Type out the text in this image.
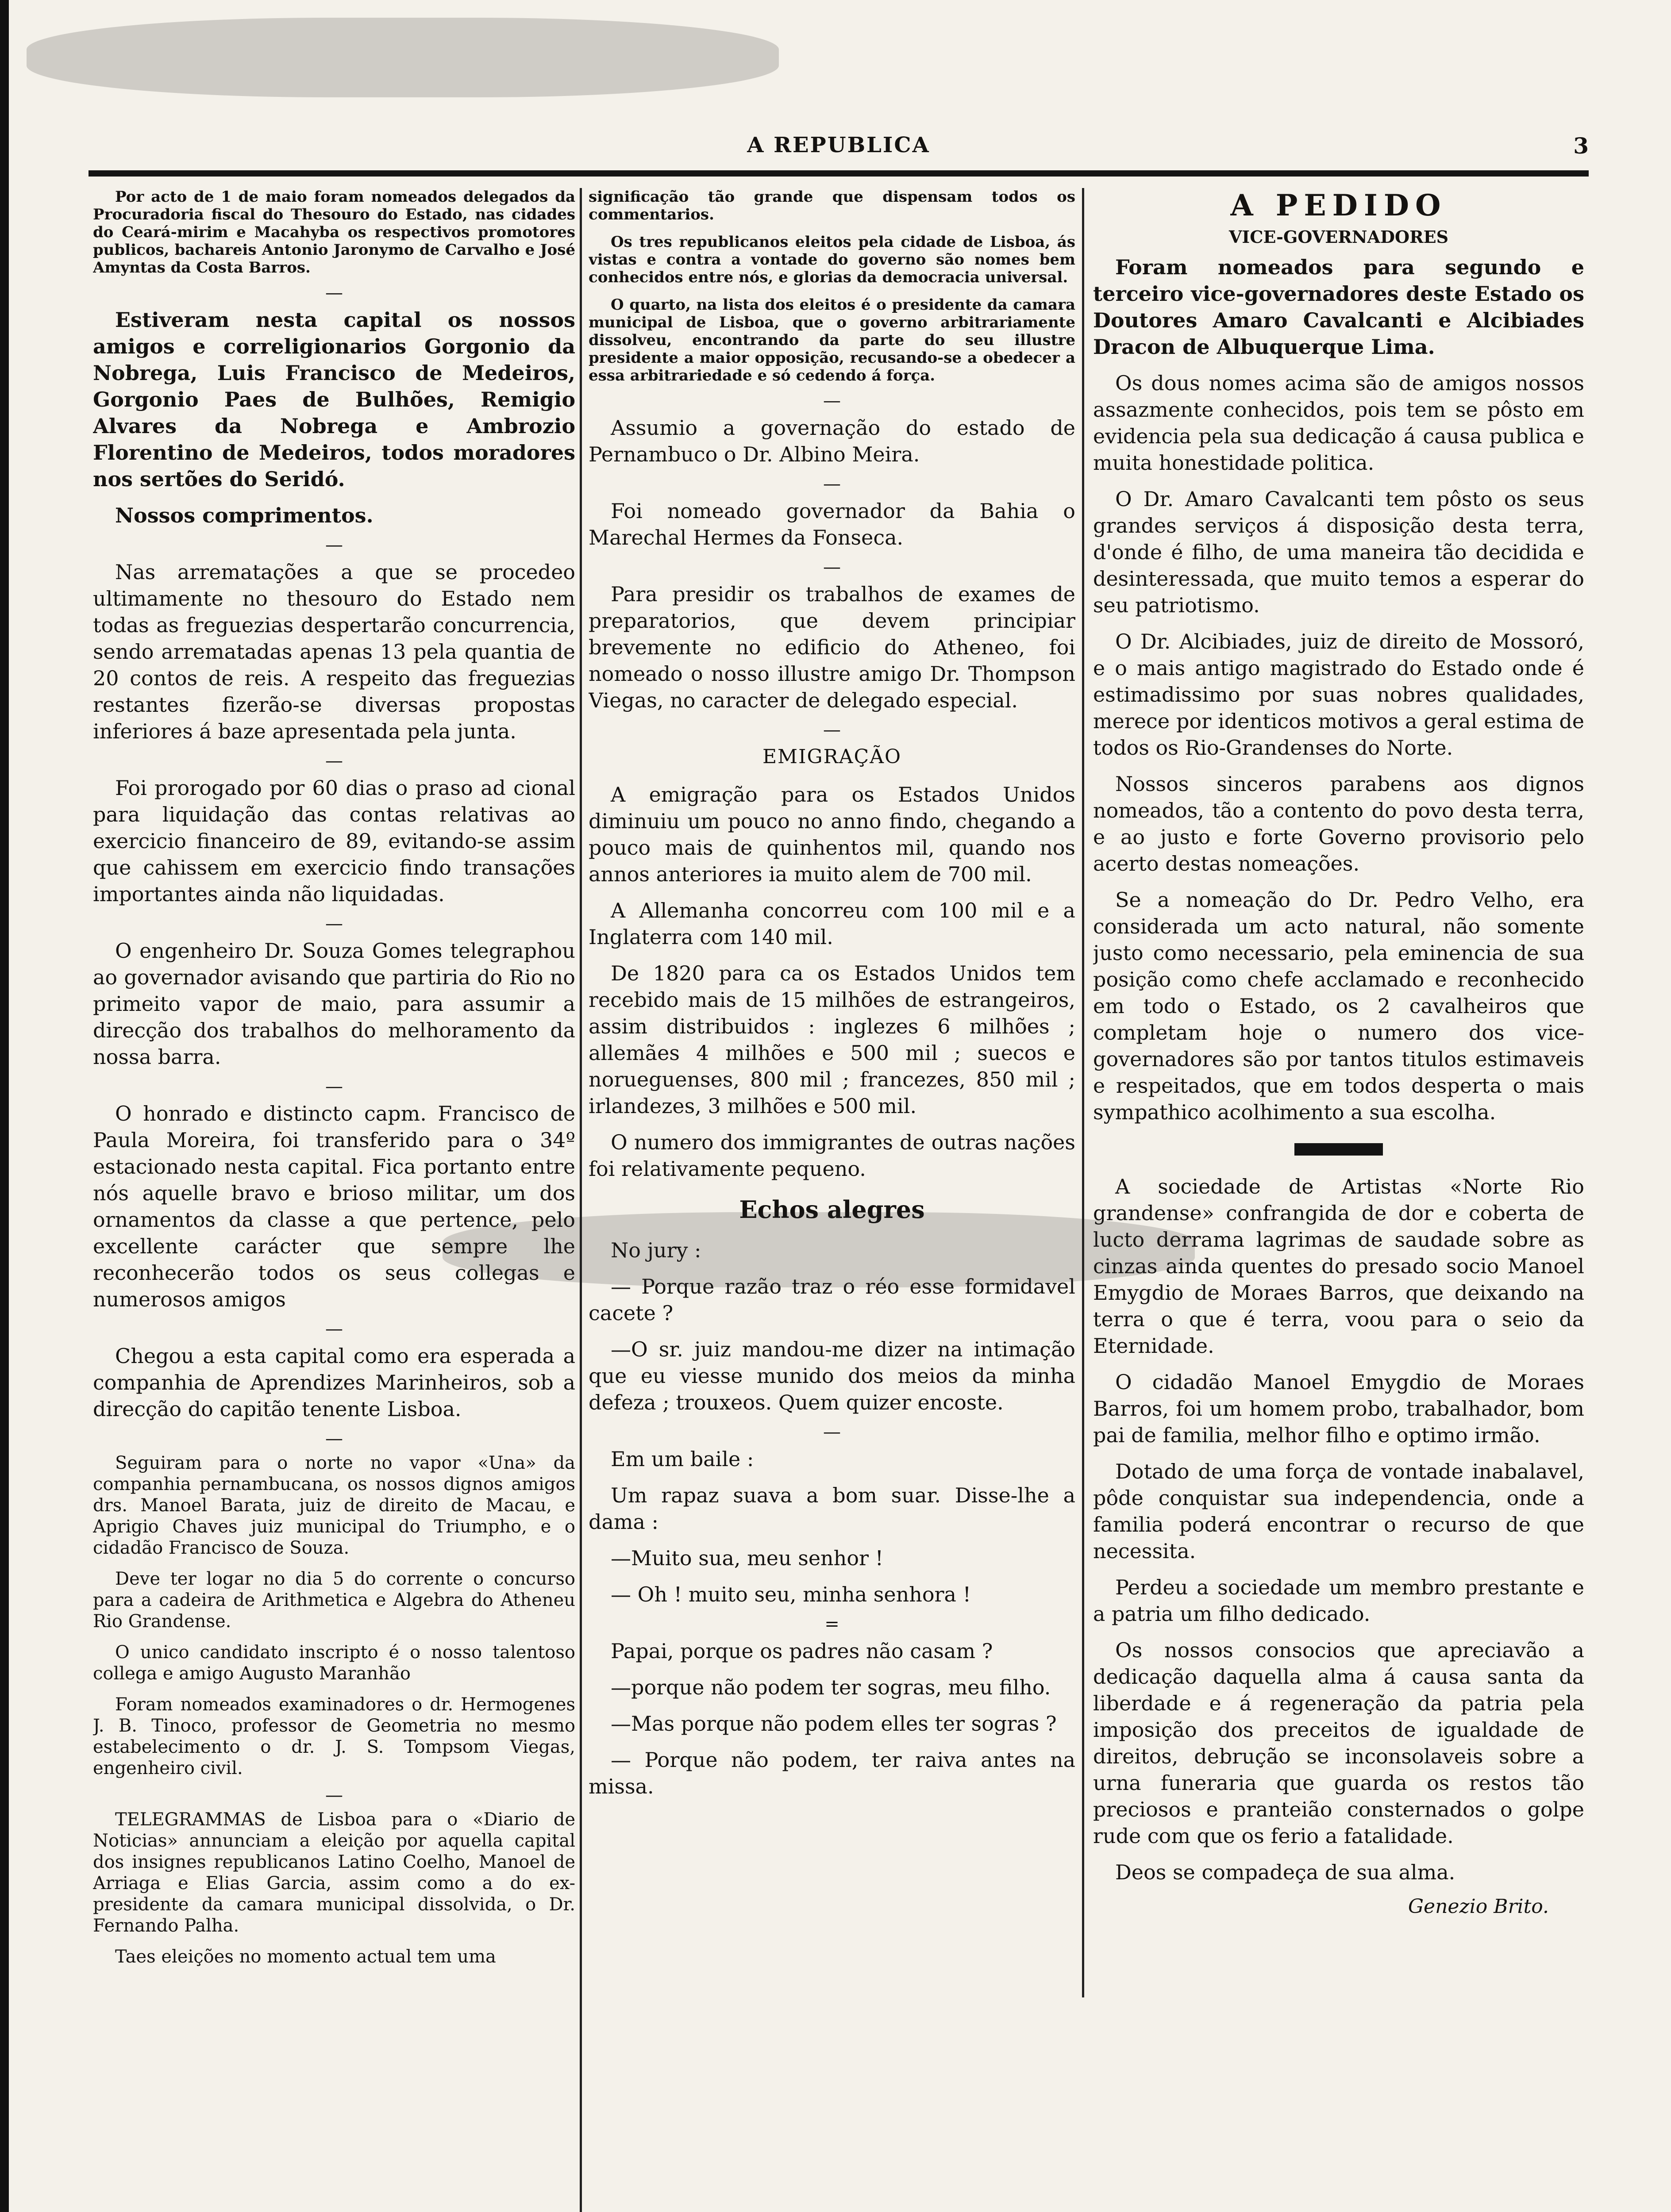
A REPUBLICA	3

Por acto de 1 de maio foram nomeados delegados da Procuradoria fiscal do Thesouro do Estado, nas cidades do Ceará-mirim e Macahyba os respectivos promotores publicos, bachareis Antonio Jaronymo de Carvalho e José Amyntas da Costa Barros.

—

Estiveram nesta capital os nossos amigos e correligionarios Gorgonio da Nobrega, Luis Francisco de Medeiros, Gorgonio Paes de Bulhões, Remigio Alvares da Nobrega e Ambrozio Florentino de Medeiros, todos moradores nos sertões do Seridó.

Nossos comprimentos.

—

Nas arrematações a que se procedeo ultimamente no thesouro do Estado nem todas as freguezias despertarão concurrencia, sendo arrematadas apenas 13 pela quantia de 20 contos de reis. A respeito das freguezias restantes fizerão-se diversas propostas inferiores á baze apresentada pela junta.

—

Foi prorogado por 60 dias o praso ad cional para liquidação das contas relativas ao exercicio financeiro de 89, evitando-se assim que cahissem em exercicio findo transações importantes ainda não liquidadas.

—

O engenheiro Dr. Souza Gomes telegraphou ao governador avisando que partiria do Rio no primeito vapor de maio, para assumir a direcção dos trabalhos do melhoramento da nossa barra.

—

O honrado e distincto capm. Francisco de Paula Moreira, foi transferido para o 34º estacionado nesta capital. Fica portanto entre nós aquelle bravo e brioso militar, um dos ornamentos da classe a que pertence, pelo excellente carácter que sempre lhe reconhecerão todos os seus collegas e numerosos amigos

—

Chegou a esta capital como era esperada a companhia de Aprendizes Marinheiros, sob a direcção do capitão tenente Lisboa.

—

Seguiram para o norte no vapor «Una» da companhia pernambucana, os nossos dignos amigos drs. Manoel Barata, juiz de direito de Macau, e Aprigio Chaves juiz municipal do Triumpho, e o cidadão Francisco de Souza.

Deve ter logar no dia 5 do corrente o concurso para a cadeira de Arithmetica e Algebra do Atheneu Rio Grandense.

O unico candidato inscripto é o nosso talentoso collega e amigo Augusto Maranhão

Foram nomeados examinadores o dr. Hermogenes J. B. Tinoco, professor de Geometria no mesmo estabelecimento o dr. J. S. Tompsom Viegas, engenheiro civil.

—

TELEGRAMMAS de Lisboa para o «Diario de Noticias» annunciam a eleição por aquella capital dos insignes republicanos Latino Coelho, Manoel de Arriaga e Elias Garcia, assim como a do ex-presidente da camara municipal dissolvida, o Dr. Fernando Palha.

Taes eleições no momento actual tem uma

significação tão grande que dispensam todos os commentarios.

Os tres republicanos eleitos pela cidade de Lisboa, ás vistas e contra a vontade do governo são nomes bem conhecidos entre nós, e glorias da democracia universal.

O quarto, na lista dos eleitos é o presidente da camara municipal de Lisboa, que o governo arbitrariamente dissolveu, encontrando da parte do seu illustre presidente a maior opposição, recusando-se a obedecer a essa arbitrariedade e só cedendo á força.

—

Assumio a governação do estado de Pernambuco o Dr. Albino Meira.

—

Foi nomeado governador da Bahia o Marechal Hermes da Fonseca.

—

Para presidir os trabalhos de exames de preparatorios, que devem principiar brevemente no edificio do Atheneo, foi nomeado o nosso illustre amigo Dr. Thompson Viegas, no caracter de delegado especial.

—
EMIGRAÇÃO

A emigração para os Estados Unidos diminuiu um pouco no anno findo, chegando a pouco mais de quinhentos mil, quando nos annos anteriores ia muito alem de 700 mil.

A Allemanha concorreu com 100 mil e a Inglaterra com 140 mil.

De 1820 para ca os Estados Unidos tem recebido mais de 15 milhões de estrangeiros, assim distribuidos : inglezes 6 milhões ; allemães 4 milhões e 500 mil ; suecos e norueguenses, 800 mil ; francezes, 850 mil ; irlandezes, 3 milhões e 500 mil.

O numero dos immigrantes de outras nações foi relativamente pequeno.

Echos alegres

No jury :

— Porque razão traz o réo esse formidavel cacete ?

—O sr. juiz mandou-me dizer na intimação que eu viesse munido dos meios da minha defeza ; trouxeos. Quem quizer encoste.

—

Em um baile :

Um rapaz suava a bom suar. Disse-lhe a dama :

—Muito sua, meu senhor !

— Oh ! muito seu, minha senhora !

=

Papai, porque os padres não casam ?

—porque não podem ter sogras, meu filho.

—Mas porque não podem elles ter sogras ?

— Porque não podem, ter raiva antes na missa.

A PEDIDO
VICE-GOVERNADORES

Foram nomeados para segundo e terceiro vice-governadores deste Estado os Doutores Amaro Cavalcanti e Alcibiades Dracon de Albuquerque Lima.

Os dous nomes acima são de amigos nossos assazmente conhecidos, pois tem se pôsto em evidencia pela sua dedicação á causa publica e muita honestidade politica.

O Dr. Amaro Cavalcanti tem pôsto os seus grandes serviços á disposição desta terra, d'onde é filho, de uma maneira tão decidida e desinteressada, que muito temos a esperar do seu patriotismo.

O Dr. Alcibiades, juiz de direito de Mossoró, e o mais antigo magistrado do Estado onde é estimadissimo por suas nobres qualidades, merece por identicos motivos a geral estima de todos os Rio-Grandenses do Norte.

Nossos sinceros parabens aos dignos nomeados, tão a contento do povo desta terra, e ao justo e forte Governo provisorio pelo acerto destas nomeações.

Se a nomeação do Dr. Pedro Velho, era considerada um acto natural, não somente justo como necessario, pela eminencia de sua posição como chefe acclamado e reconhecido em todo o Estado, os 2 cavalheiros que completam hoje o numero dos vice-governadores são por tantos titulos estimaveis e respeitados, que em todos desperta o mais sympathico acolhimento a sua escolha.

A sociedade de Artistas «Norte Rio grandense» confrangida de dor e coberta de lucto derrama lagrimas de saudade sobre as cinzas ainda quentes do presado socio Manoel Emygdio de Moraes Barros, que deixando na terra o que é terra, voou para o seio da Eternidade.

O cidadão Manoel Emygdio de Moraes Barros, foi um homem probo, trabalhador, bom pai de familia, melhor filho e optimo irmão.

Dotado de uma força de vontade inabalavel, pôde conquistar sua independencia, onde a familia poderá encontrar o recurso de que necessita.

Perdeu a sociedade um membro prestante e a patria um filho dedicado.

Os nossos consocios que apreciavão a dedicação daquella alma á causa santa da liberdade e á regeneração da patria pela imposição dos preceitos de igualdade de direitos, debrução se inconsolaveis sobre a urna funeraria que guarda os restos tão preciosos e pranteião consternados o golpe rude com que os ferio a fatalidade.

Deos se compadeça de sua alma.

Genezio Brito.
